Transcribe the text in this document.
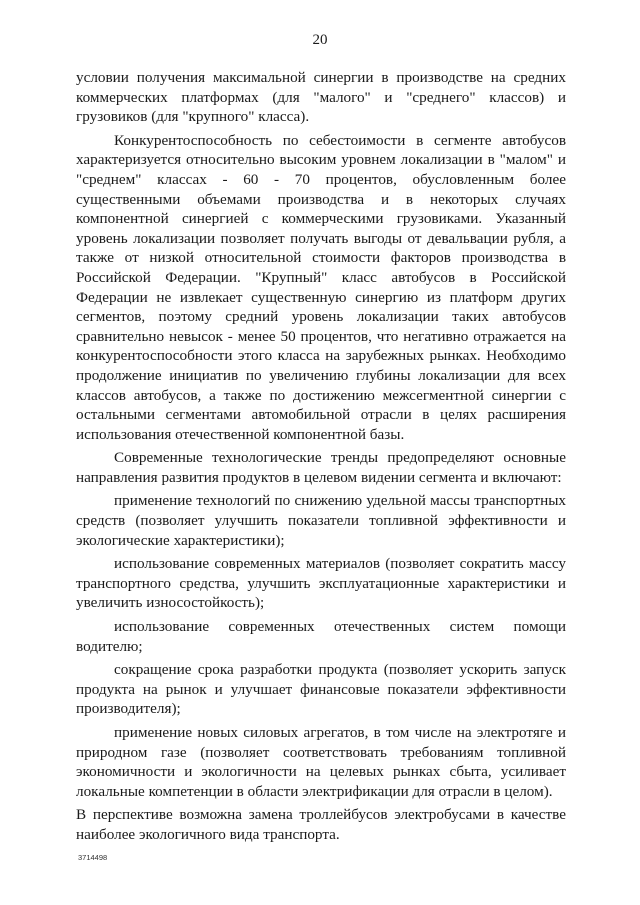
20

условии получения максимальной синергии в производстве на средних коммерческих платформах (для "малого" и "среднего" классов) и грузовиков (для "крупного" класса).

Конкурентоспособность по себестоимости в сегменте автобусов характеризуется относительно высоким уровнем локализации в "малом" и "среднем" классах - 60 - 70 процентов, обусловленным более существенными объемами производства и в некоторых случаях компонентной синергией с коммерческими грузовиками. Указанный уровень локализации позволяет получать выгоды от девальвации рубля, а также от низкой относительной стоимости факторов производства в Российской Федерации. "Крупный" класс автобусов в Российской Федерации не извлекает существенную синергию из платформ других сегментов, поэтому средний уровень локализации таких автобусов сравнительно невысок - менее 50 процентов, что негативно отражается на конкурентоспособности этого класса на зарубежных рынках. Необходимо продолжение инициатив по увеличению глубины локализации для всех классов автобусов, а также по достижению межсегментной синергии с остальными сегментами автомобильной отрасли в целях расширения использования отечественной компонентной базы.

Современные технологические тренды предопределяют основные направления развития продуктов в целевом видении сегмента и включают:

применение технологий по снижению удельной массы транспортных средств (позволяет улучшить показатели топливной эффективности и экологические характеристики);

использование современных материалов (позволяет сократить массу транспортного средства, улучшить эксплуатационные характеристики и увеличить износостойкость);

использование современных отечественных систем помощи водителю;

сокращение срока разработки продукта (позволяет ускорить запуск продукта на рынок и улучшает финансовые показатели эффективности производителя);

применение новых силовых агрегатов, в том числе на электротяге и природном газе (позволяет соответствовать требованиям топливной экономичности и экологичности на целевых рынках сбыта, усиливает локальные компетенции в области электрификации для отрасли в целом).

В перспективе возможна замена троллейбусов электробусами в качестве наиболее экологичного вида транспорта.

3714498
